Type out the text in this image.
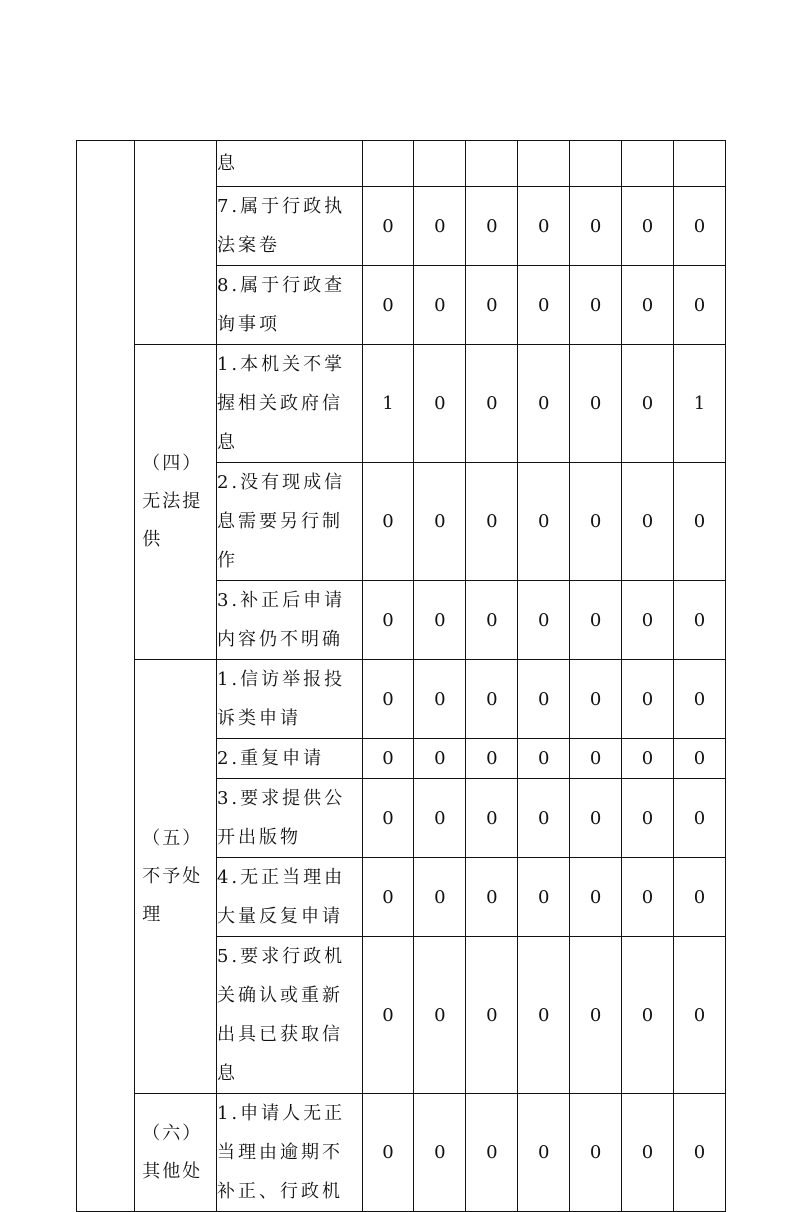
		息							

		7.属于行政执法案卷	0	0	0	0	0	0	0

		8.属于行政查询事项	0	0	0	0	0	0	0
	（四）无法提供	1.本机关不掌握相关政府信息	1	0	0	0	0	0	1

		2.没有现成信息需要另行制作	0	0	0	0	0	0	0

		3.补正后申请内容仍不明确	0	0	0	0	0	0	0
	（五）不予处理	1.信访举报投诉类申请	0	0	0	0	0	0	0

		2.重复申请	0	0	0	0	0	0	0

		3.要求提供公开出版物	0	0	0	0	0	0	0

		4.无正当理由大量反复申请	0	0	0	0	0	0	0

		5.要求行政机关确认或重新出具已获取信息	0	0	0	0	0	0	0
	（六）其他处	1.申请人无正当理由逾期不补正、行政机	0	0	0	0	0	0	0
